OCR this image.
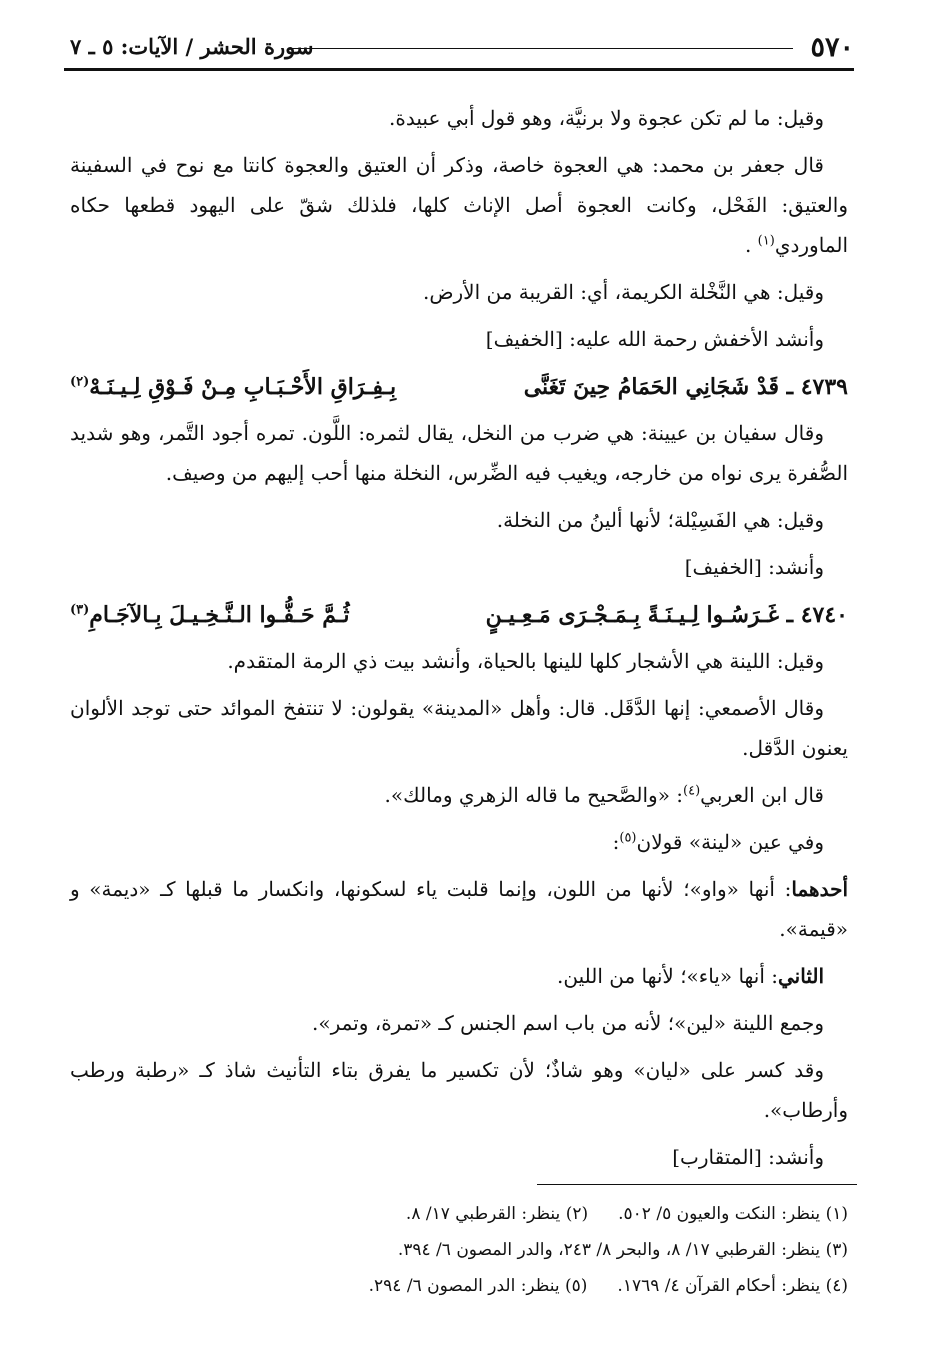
٥٧٠
سورة الحشر / الآيات: ٥ ـ ٧

وقيل: ما لم تكن عجوة ولا برنيَّة، وهو قول أبي عبيدة.

قال جعفر بن محمد: هي العجوة خاصة، وذكر أن العتيق والعجوة كانتا مع نوح في السفينة والعتيق: الفَحْل، وكانت العجوة أصل الإناث كلها، فلذلك شقّ على اليهود قطعها حكاه الماوردي$^{(١)}$ .

وقيل: هي النَّخْلة الكريمة، أي: القريبة من الأرض.

وأنشد الأخفش رحمة الله عليه: [الخفيف]

٤٧٣٩ ـ قَدْ شَجَانِي الحَمَامُ حِينَ تَغَنَّى
بِـفِـرَاقِ الأَحْـبَـابِ مِـنْ فَـوْقِ لِـيـنَـهْ$^{(٢)}$

وقال سفيان بن عيينة: هي ضرب من النخل، يقال لثمره: اللَّون. تمره أجود التَّمر، وهو شديد الصُّفرة يرى نواه من خارجه، ويغيب فيه الضِّرس، النخلة منها أحب إليهم من وصيف.

وقيل: هي الفَسِيْلة؛ لأنها ألينُ من النخلة.

وأنشد: [الخفيف]

٤٧٤٠ ـ غَـرَسُـوا لِـيـنَـةً بِـمَـجْـرَى مَـعِـيـنٍ
ثُـمَّ حَـفُّـوا الـنَّـخِـيـلَ بِـالآجَـامِ$^{(٣)}$

وقيل: اللينة هي الأشجار كلها للينها بالحياة، وأنشد بيت ذي الرمة المتقدم.

وقال الأصمعي: إنها الدَّقَل. قال: وأهل «المدينة» يقولون: لا تنتفخ الموائد حتى توجد الألوان يعنون الدَّقل.

قال ابن العربي$^{(٤)}$: «والصَّحيح ما قاله الزهري ومالك».

وفي عين «لينة» قولان$^{(٥)}$:

أحدهما: أنها «واو»؛ لأنها من اللون، وإنما قلبت ياء لسكونها، وانكسار ما قبلها كـ «ديمة» و «قيمة».

الثاني: أنها «ياء»؛ لأنها من اللين.

وجمع اللينة «لين»؛ لأنه من باب اسم الجنس كـ «تمرة، وتمر».

وقد كسر على «ليان» وهو شاذٌ؛ لأن تكسير ما يفرق بتاء التأنيث شاذ كـ «رطبة ورطب وأرطاب».

وأنشد: [المتقارب]

(١) ينظر: النكت والعيون ٥/ ٥٠٢.
(٢) ينظر: القرطبي ١٧/ ٨.
(٣) ينظر: القرطبي ١٧/ ٨، والبحر ٨/ ٢٤٣، والدر المصون ٦/ ٣٩٤.
(٤) ينظر: أحكام القرآن ٤/ ١٧٦٩.
(٥) ينظر: الدر المصون ٦/ ٢٩٤.
